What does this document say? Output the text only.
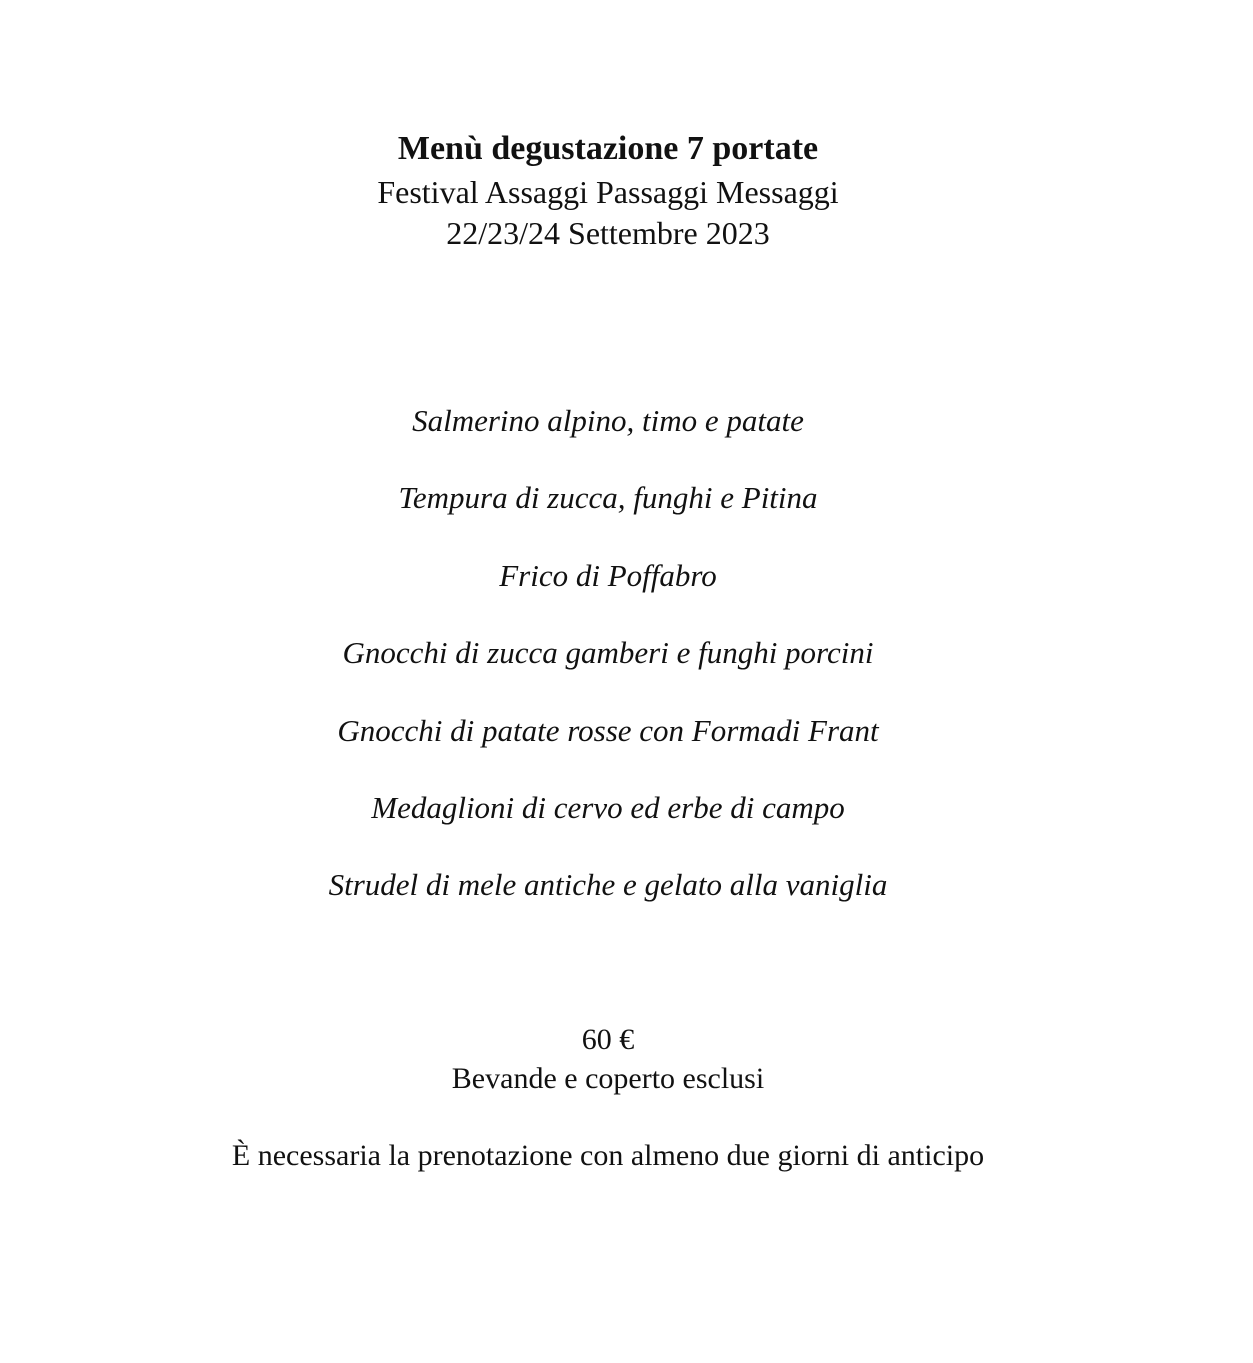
Menù degustazione 7 portate
Festival Assaggi Passaggi Messaggi
22/23/24 Settembre 2023
Salmerino alpino, timo e patate
Tempura di zucca, funghi e Pitina
Frico di Poffabro
Gnocchi di zucca gamberi e funghi porcini
Gnocchi di patate rosse con Formadi Frant
Medaglioni di cervo ed erbe di campo
Strudel di mele antiche e gelato alla vaniglia
60 €
Bevande e coperto esclusi
È necessaria la prenotazione con almeno due giorni di anticipo
